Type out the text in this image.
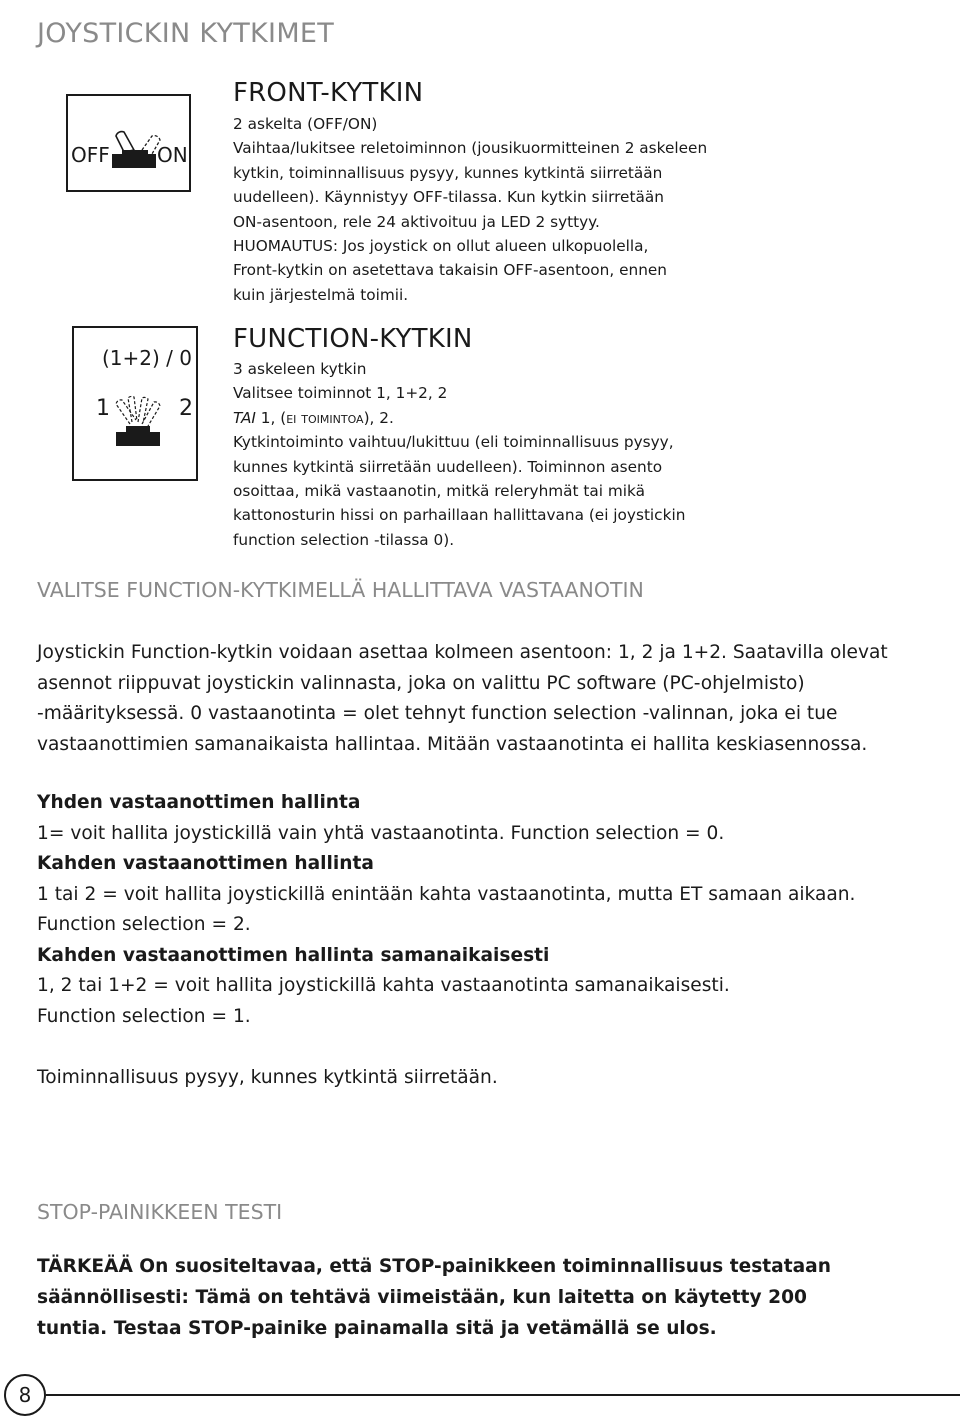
JOYSTICKIN KYTKIMET
OFF ON
FRONT-KYTKIN
2 askelta (OFF/ON)
Vaihtaa/lukitsee reletoiminnon (jousikuormitteinen 2 askeleen
kytkin, toiminnallisuus pysyy, kunnes kytkintä siirretään
uudelleen). Käynnistyy OFF-tilassa. Kun kytkin siirretään
ON-asentoon, rele 24 aktivoituu ja LED 2 syttyy.
HUOMAUTUS: Jos joystick on ollut alueen ulkopuolella,
Front-kytkin on asetettava takaisin OFF-asentoon, ennen
kuin järjestelmä toimii.
(1+2) / 0
1	2
FUNCTION-KYTKIN
3 askeleen kytkin
Valitsee toiminnot 1, 1+2, 2
TAI 1, (ei toimintoa), 2.
Kytkintoiminto vaihtuu/lukittuu (eli toiminnallisuus pysyy,
kunnes kytkintä siirretään uudelleen). Toiminnon asento
osoittaa, mikä vastaanotin, mitkä releryhmät tai mikä
kattonosturin hissi on parhaillaan hallittavana (ei joystickin
function selection -tilassa 0).
VALITSE FUNCTION-KYTKIMELLÄ HALLITTAVA VASTAANOTIN
Joystickin Function-kytkin voidaan asettaa kolmeen asentoon: 1, 2 ja 1+2. Saatavilla olevat
asennot riippuvat joystickin valinnasta, joka on valittu PC software (PC-ohjelmisto)
-määrityksessä. 0 vastaanotinta = olet tehnyt function selection -valinnan, joka ei tue
vastaanottimien samanaikaista hallintaa. Mitään vastaanotinta ei hallita keskiasennossa.
Yhden vastaanottimen hallinta
1= voit hallita joystickillä vain yhtä vastaanotinta. Function selection = 0.
Kahden vastaanottimen hallinta
1 tai 2 = voit hallita joystickillä enintään kahta vastaanotinta, mutta ET samaan aikaan.
Function selection = 2.
Kahden vastaanottimen hallinta samanaikaisesti
1, 2 tai 1+2 = voit hallita joystickillä kahta vastaanotinta samanaikaisesti.
Function selection = 1.
Toiminnallisuus pysyy, kunnes kytkintä siirretään.
STOP-PAINIKKEEN TESTI
TÄRKEÄÄ On suositeltavaa, että STOP-painikkeen toiminnallisuus testataan
säännöllisesti: Tämä on tehtävä viimeistään, kun laitetta on käytetty 200
tuntia. Testaa STOP-painike painamalla sitä ja vetämällä se ulos.
8
